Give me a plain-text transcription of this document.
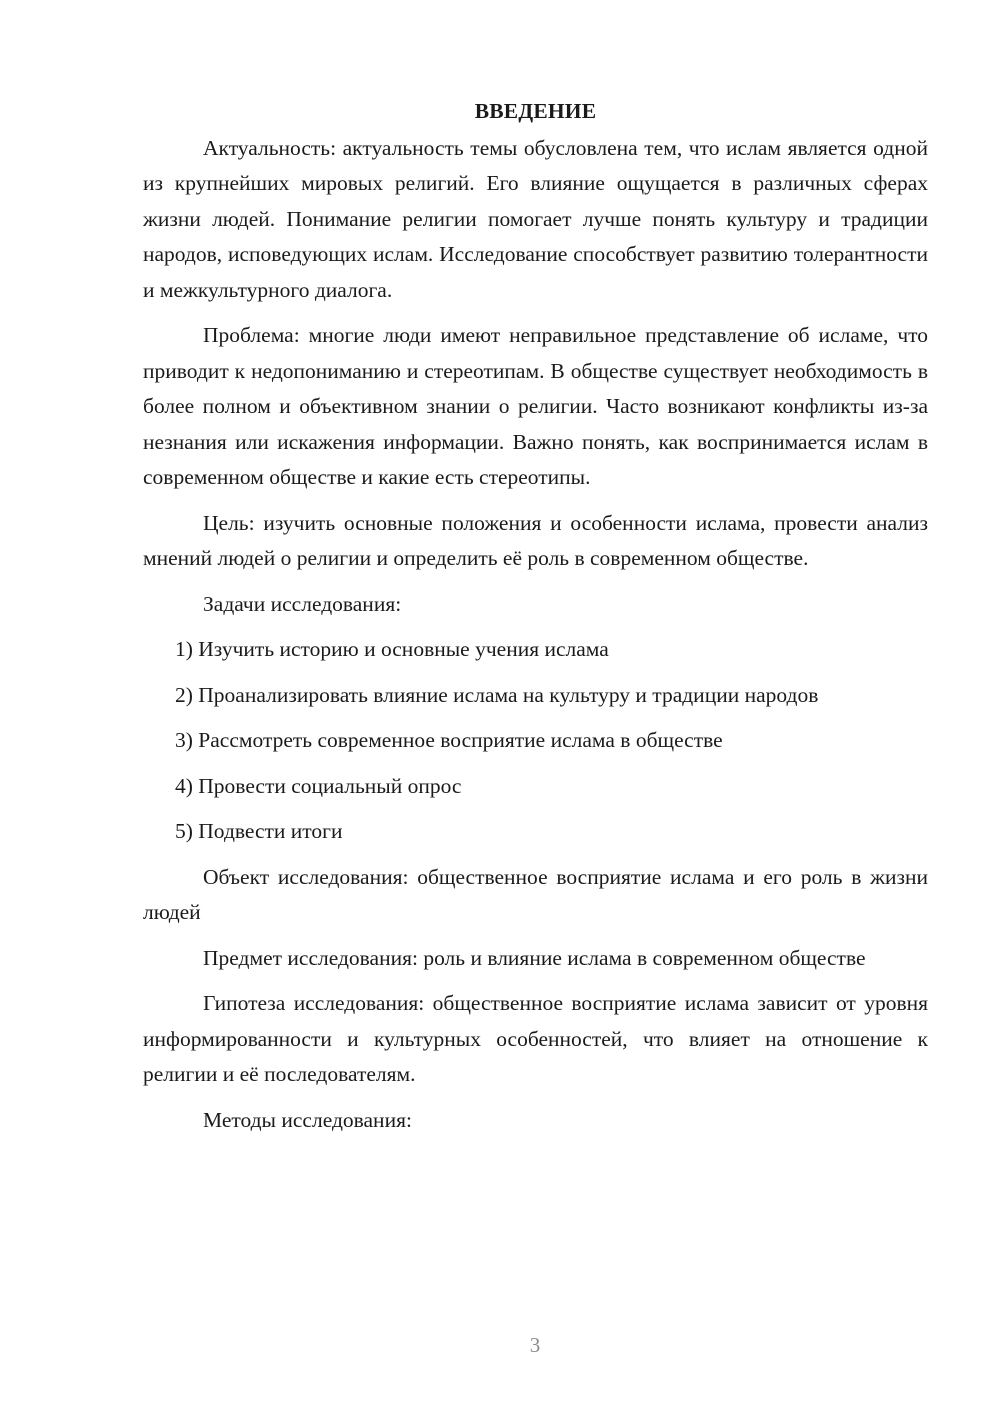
ВВЕДЕНИЕ

Актуальность: актуальность темы обусловлена тем, что ислам является одной из крупнейших мировых религий. Его влияние ощущается в различных сферах жизни людей. Понимание религии помогает лучше понять культуру и традиции народов, исповедующих ислам. Исследование способствует развитию толерантности и межкультурного диалога.

Проблема: многие люди имеют неправильное представление об исламе, что приводит к недопониманию и стереотипам. В обществе существует необходимость в более полном и объективном знании о религии. Часто возникают конфликты из-за незнания или искажения информации. Важно понять, как воспринимается ислам в современном обществе и какие есть стереотипы.

Цель: изучить основные положения и особенности ислама, провести анализ мнений людей о религии и определить её роль в современном обществе.

Задачи исследования:

1) Изучить историю и основные учения ислама
2) Проанализировать влияние ислама на культуру и традиции народов
3) Рассмотреть современное восприятие ислама в обществе
4) Провести социальный опрос
5) Подвести итоги

Объект исследования: общественное восприятие ислама и его роль в жизни людей

Предмет исследования: роль и влияние ислама в современном обществе

Гипотеза исследования: общественное восприятие ислама зависит от уровня информированности и культурных особенностей, что влияет на отношение к религии и её последователям.

Методы исследования:

3
